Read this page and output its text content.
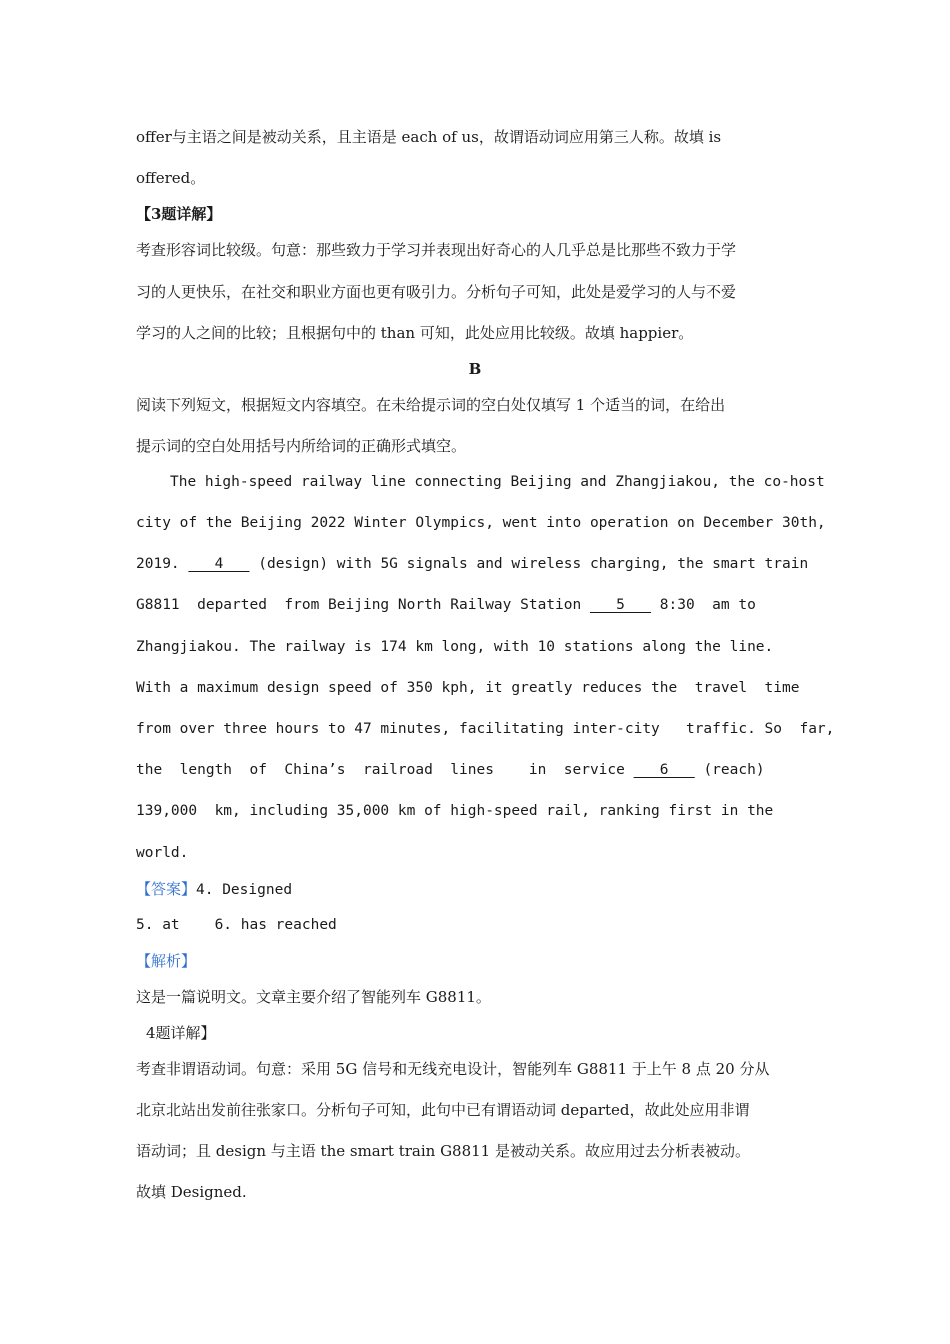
offer与主语之间是被动关系，且主语是 each of us，故谓语动词应用第三人称。故填 is
offered。
【3题详解】
考查形容词比较级。句意：那些致力于学习并表现出好奇心的人几乎总是比那些不致力于学
习的人更快乐，在社交和职业方面也更有吸引力。分析句子可知，此处是爱学习的人与不爱
学习的人之间的比较；且根据句中的 than 可知，此处应用比较级。故填 happier。
B
阅读下列短文，根据短文内容填空。在未给提示词的空白处仅填写 1 个适当的词，在给出
提示词的空白处用括号内所给词的正确形式填空。
The high-speed railway line connecting Beijing and Zhangjiakou, the co-host
city of the Beijing 2022 Winter Olympics, went into operation on December 30th,
2019.    4    (design) with 5G signals and wireless charging, the smart train
G8811  departed  from Beijing North Railway Station    5    8:30  am to
Zhangjiakou. The railway is 174 km long, with 10 stations along the line.
With a maximum design speed of 350 kph, it greatly reduces the  travel  time
from over three hours to 47 minutes, facilitating inter-city   traffic. So  far,
the  length  of  China’s  railroad  lines    in  service    6    (reach)
139,000  km, including 35,000 km of high-speed rail, ranking first in the
world.
【答案】4. Designed
5. at    6. has reached
【解析】
这是一篇说明文。文章主要介绍了智能列车 G8811。
4题详解】
考查非谓语动词。句意：采用 5G 信号和无线充电设计，智能列车 G8811 于上午 8 点 20 分从
北京北站出发前往张家口。分析句子可知，此句中已有谓语动词 departed，故此处应用非谓
语动词；且 design 与主语 the smart train G8811 是被动关系。故应用过去分析表被动。
故填 Designed.
